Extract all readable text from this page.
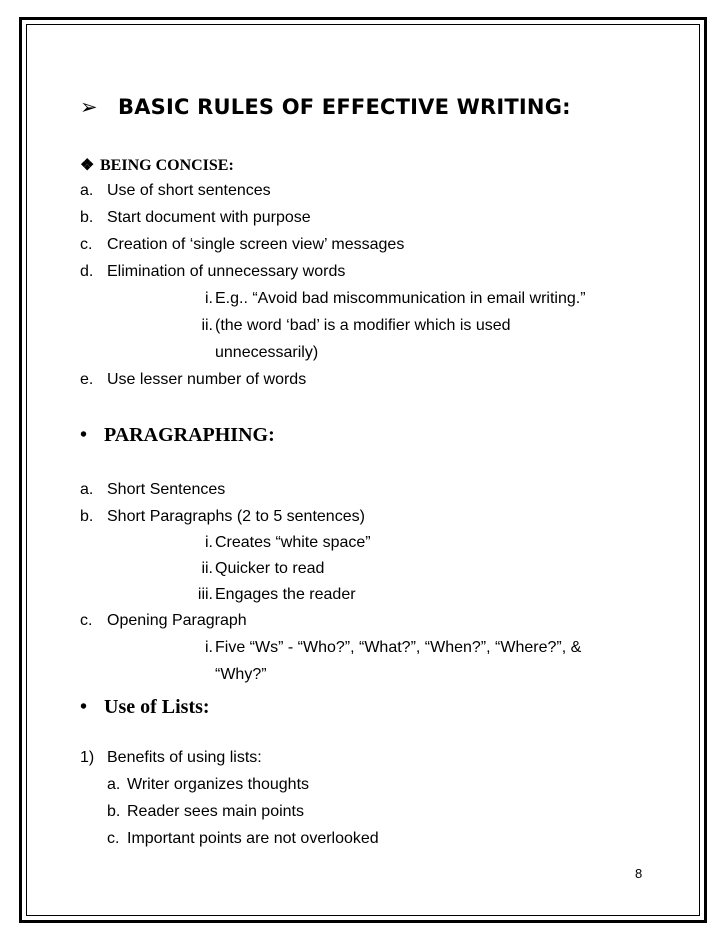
➢ BASIC RULES OF EFFECTIVE WRITING:
❖ BEING CONCISE:
a. Use of short sentences
b. Start document with purpose
c. Creation of ‘single screen view’ messages
d. Elimination of unnecessary words
i. E.g.. “Avoid bad miscommunication in email writing.”
ii. (the word ‘bad’ is a modifier which is used
unnecessarily)
e. Use lesser number of words
• PARAGRAPHING:
a. Short Sentences
b. Short Paragraphs (2 to 5 sentences)
i. Creates “white space”
ii. Quicker to read
iii. Engages the reader
c. Opening Paragraph
i. Five “Ws” - “Who?”, “What?”, “When?”, “Where?”, &
“Why?”
• Use of Lists:
1) Benefits of using lists:
a. Writer organizes thoughts
b. Reader sees main points
c. Important points are not overlooked
8
